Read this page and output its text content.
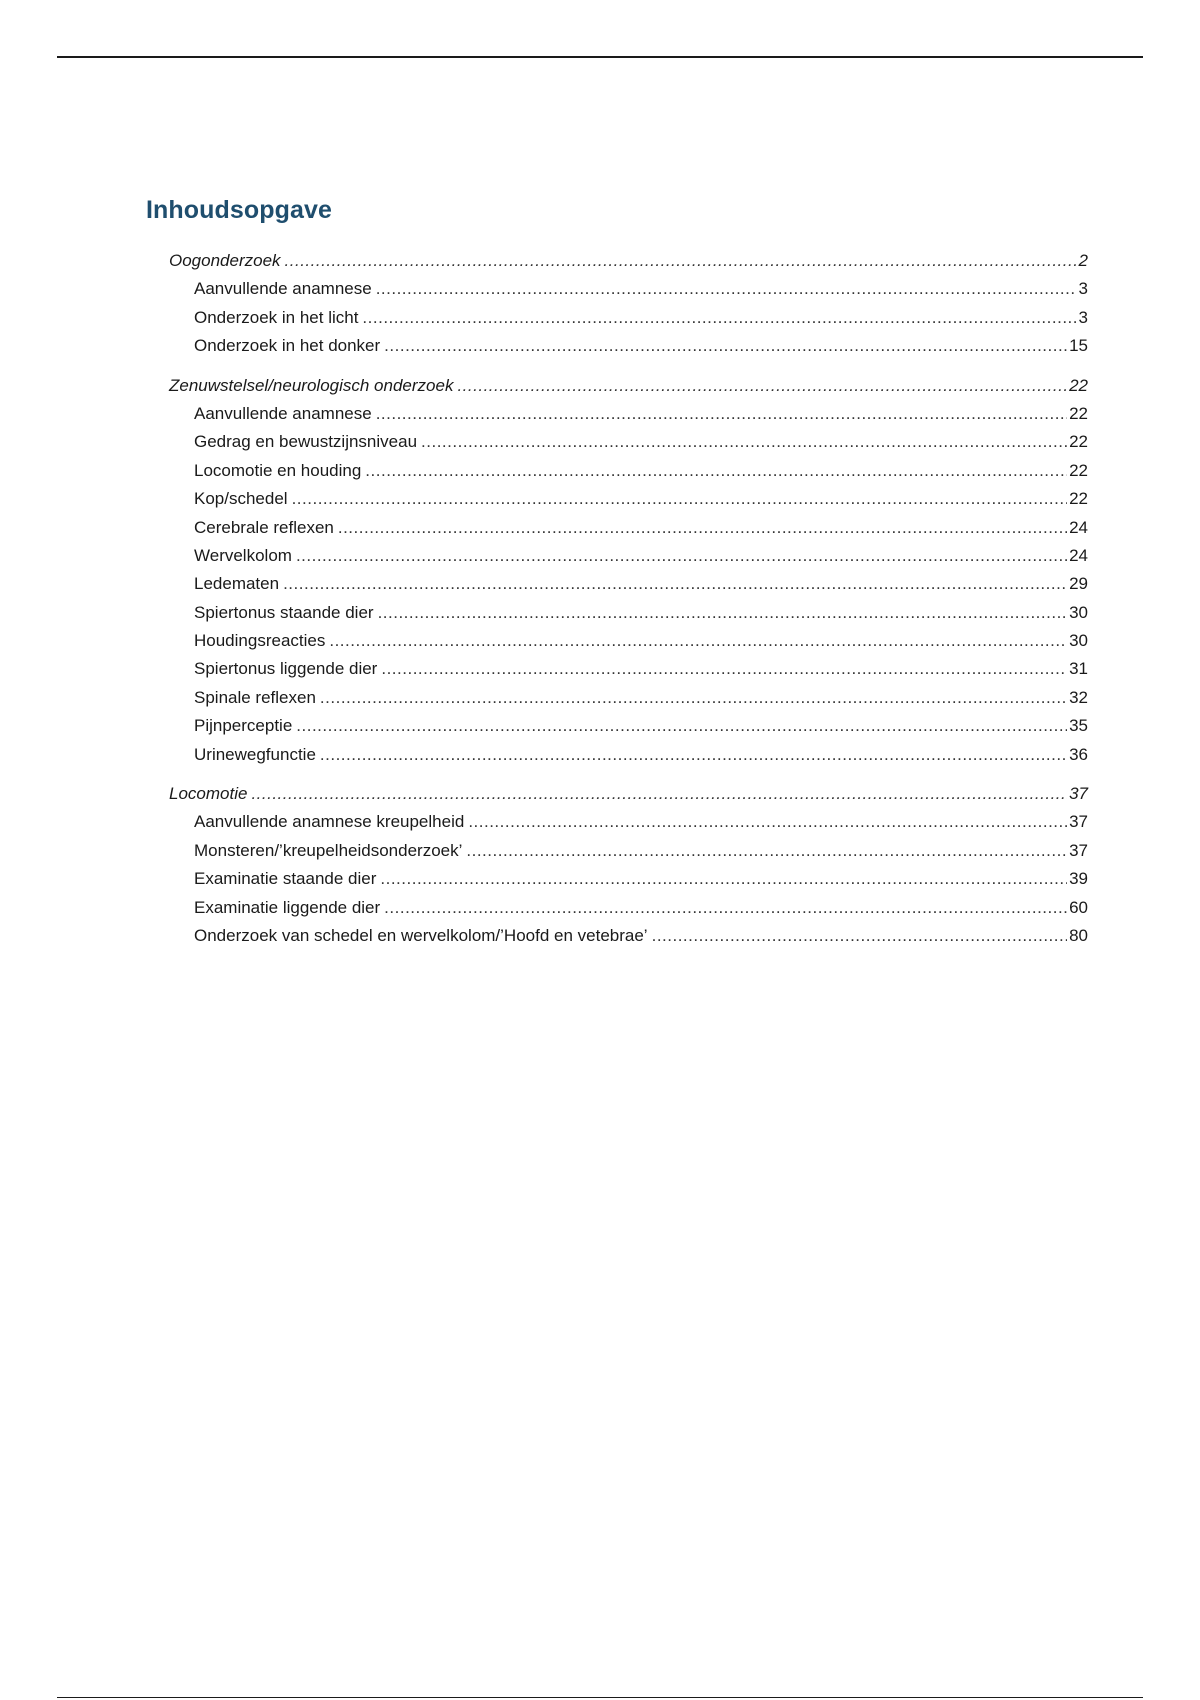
Inhoudsopgave
Oogonderzoek .....	2
Aanvullende anamnese .....	3
Onderzoek in het licht .....	3
Onderzoek in het donker .....	15
Zenuwstelsel/neurologisch onderzoek .....	22
Aanvullende anamnese .....	22
Gedrag en bewustzijnsniveau .....	22
Locomotie en houding .....	22
Kop/schedel .....	22
Cerebrale reflexen .....	24
Wervelkolom .....	24
Ledematen .....	29
Spiertonus staande dier .....	30
Houdingsreacties .....	30
Spiertonus liggende dier .....	31
Spinale reflexen .....	32
Pijnperceptie .....	35
Urinewegfunctie .....	36
Locomotie .....	37
Aanvullende anamnese kreupelheid .....	37
Monsteren/’kreupelheidsonderzoek’ .....	37
Examinatie staande dier .....	39
Examinatie liggende dier .....	60
Onderzoek van schedel en wervelkolom/’Hoofd en vetebrae’ .....	80
